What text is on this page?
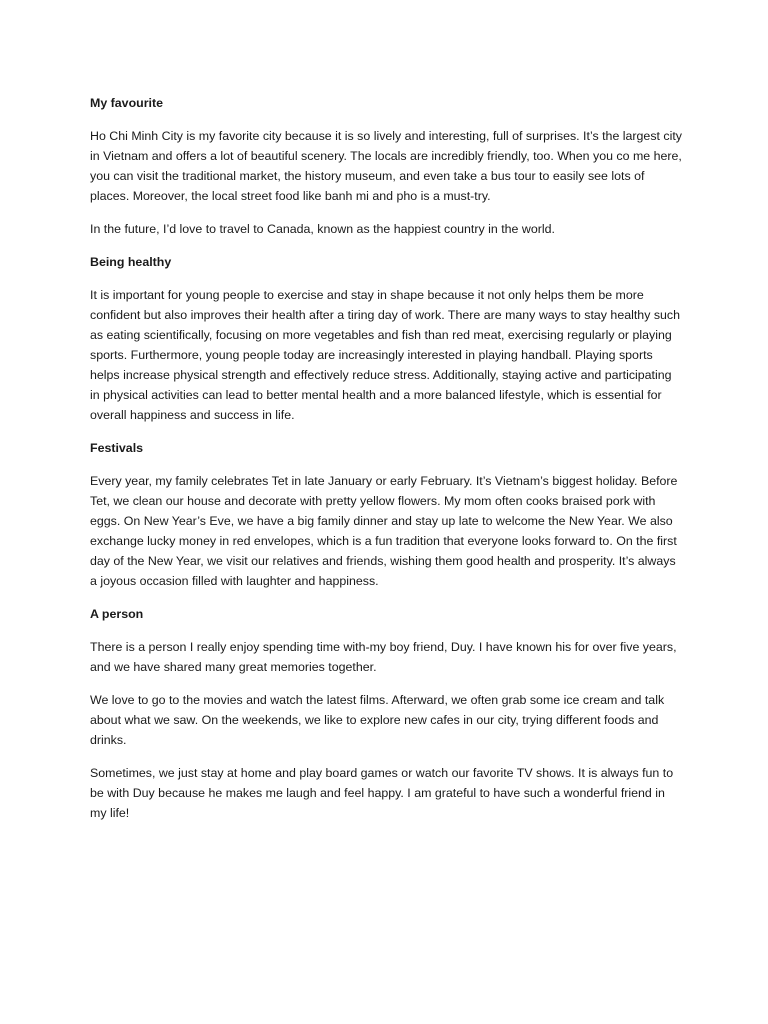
My favourite

Ho Chi Minh City is my favorite city because it is so lively and interesting, full of surprises. It’s the largest city in Vietnam and offers a lot of beautiful scenery. The locals are incredibly friendly, too. When you co me here, you can visit the traditional market, the history museum, and even take a bus tour to easily see lots of places. Moreover, the local street food like banh mi and pho is a must-try.

In the future, I’d love to travel to Canada, known as the happiest country in the world.

Being healthy

It is important for young people to exercise and stay in shape because it not only helps them be more confident but also improves their health after a tiring day of work. There are many ways to stay healthy such as eating scientifically, focusing on more vegetables and fish than red meat, exercising regularly or playing sports. Furthermore, young people today are increasingly interested in playing handball. Playing sports helps increase physical strength and effectively reduce stress. Additionally, staying active and participating in physical activities can lead to better mental health and a more balanced lifestyle, which is essential for overall happiness and success in life.

Festivals

Every year, my family celebrates Tet in late January or early February. It’s Vietnam’s biggest holiday. Before Tet, we clean our house and decorate with pretty yellow flowers. My mom often cooks braised pork with eggs. On New Year’s Eve, we have a big family dinner and stay up late to welcome the New Year. We also exchange lucky money in red envelopes, which is a fun tradition that everyone looks forward to. On the first day of the New Year, we visit our relatives and friends, wishing them good health and prosperity. It’s always a joyous occasion filled with laughter and happiness.

A person

There is a person I really enjoy spending time with-my boy friend, Duy. I have known his for over five years, and we have shared many great memories together.

We love to go to the movies and watch the latest films. Afterward, we often grab some ice cream and talk about what we saw. On the weekends, we like to explore new cafes in our city, trying different foods and drinks.

Sometimes, we just stay at home and play board games or watch our favorite TV shows. It is always fun to be with Duy because he makes me laugh and feel happy. I am grateful to have such a wonderful friend in my life!
